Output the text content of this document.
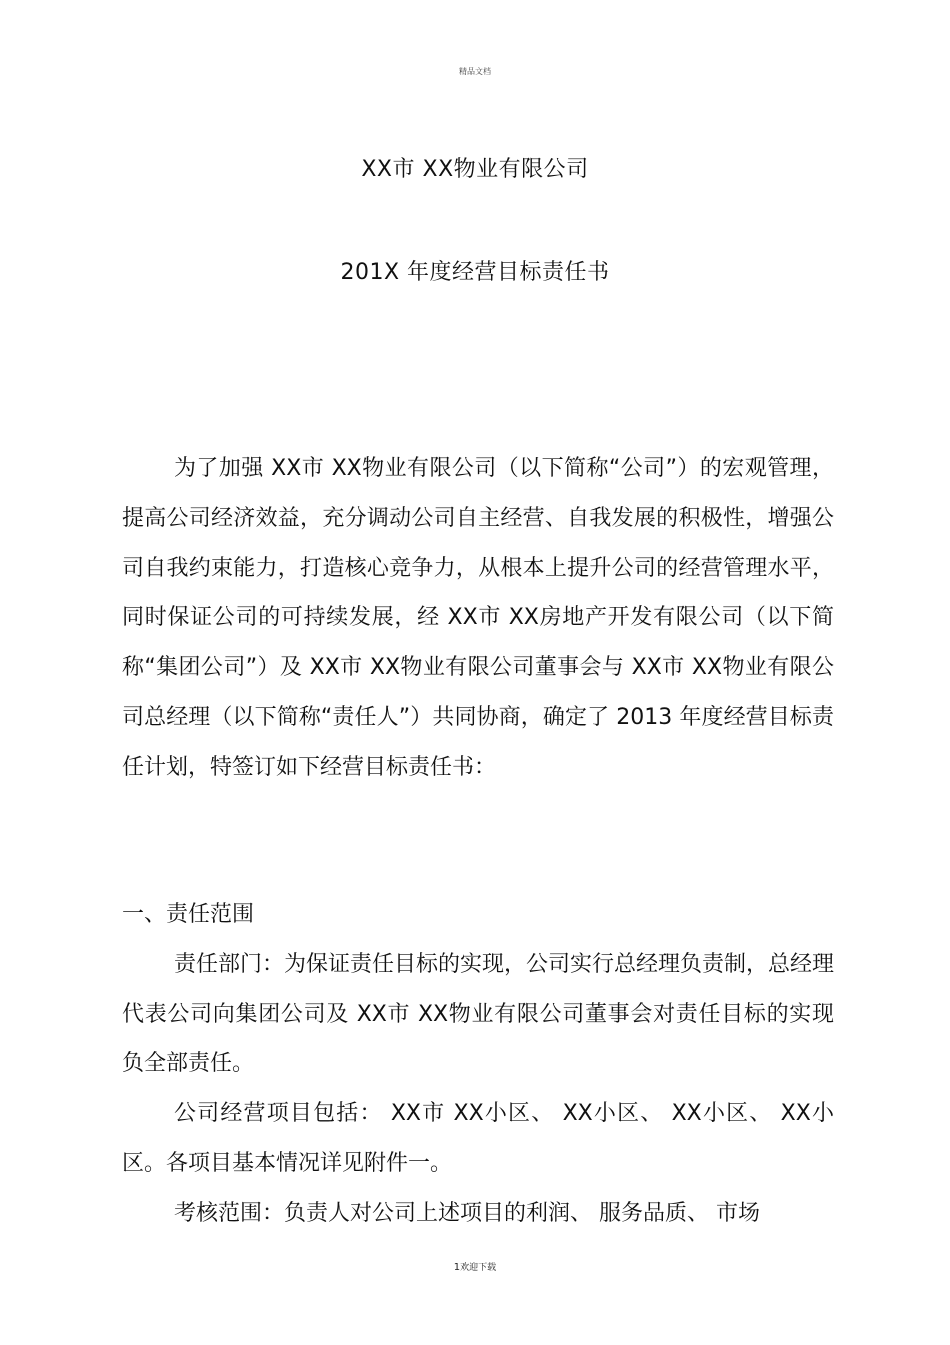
精品文档
XX市 XX物业有限公司
201X 年度经营目标责任书

为了加强 XX市 XX物业有限公司（以下简称“公司”）的宏观管理，提高公司经济效益，充分调动公司自主经营、自我发展的积极性，增强公司自我约束能力，打造核心竞争力，从根本上提升公司的经营管理水平，同时保证公司的可持续发展，经 XX市 XX房地产开发有限公司（以下简称“集团公司”）及 XX市 XX物业有限公司董事会与 XX市 XX物业有限公司总经理（以下简称“责任人”）共同协商，确定了 2013 年度经营目标责任计划，特签订如下经营目标责任书：

一、责任范围

责任部门：为保证责任目标的实现，公司实行总经理负责制，总经理代表公司向集团公司及 XX市 XX物业有限公司董事会对责任目标的实现负全部责任。

公司经营项目包括： XX市 XX小区、 XX小区、 XX小区、 XX小区。各项目基本情况详见附件一。

考核范围：负责人对公司上述项目的利润、 服务品质、 市场

1欢迎下载
